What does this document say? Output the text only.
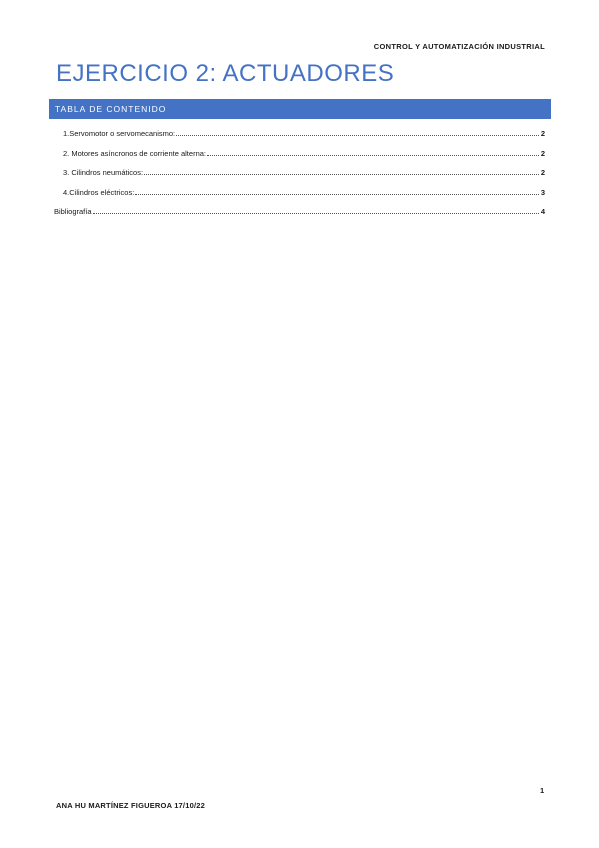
CONTROL Y AUTOMATIZACIÓN INDUSTRIAL
EJERCICIO 2: ACTUADORES
TABLA DE CONTENIDO
1.Servomotor o servomecanismo:	2
2. Motores asíncronos de corriente alterna:	2
3. Cilindros neumáticos:	2
4.Cilindros eléctricos:	3
Bibliografía	4
1
ANA HU MARTÍNEZ FIGUEROA 17/10/22
